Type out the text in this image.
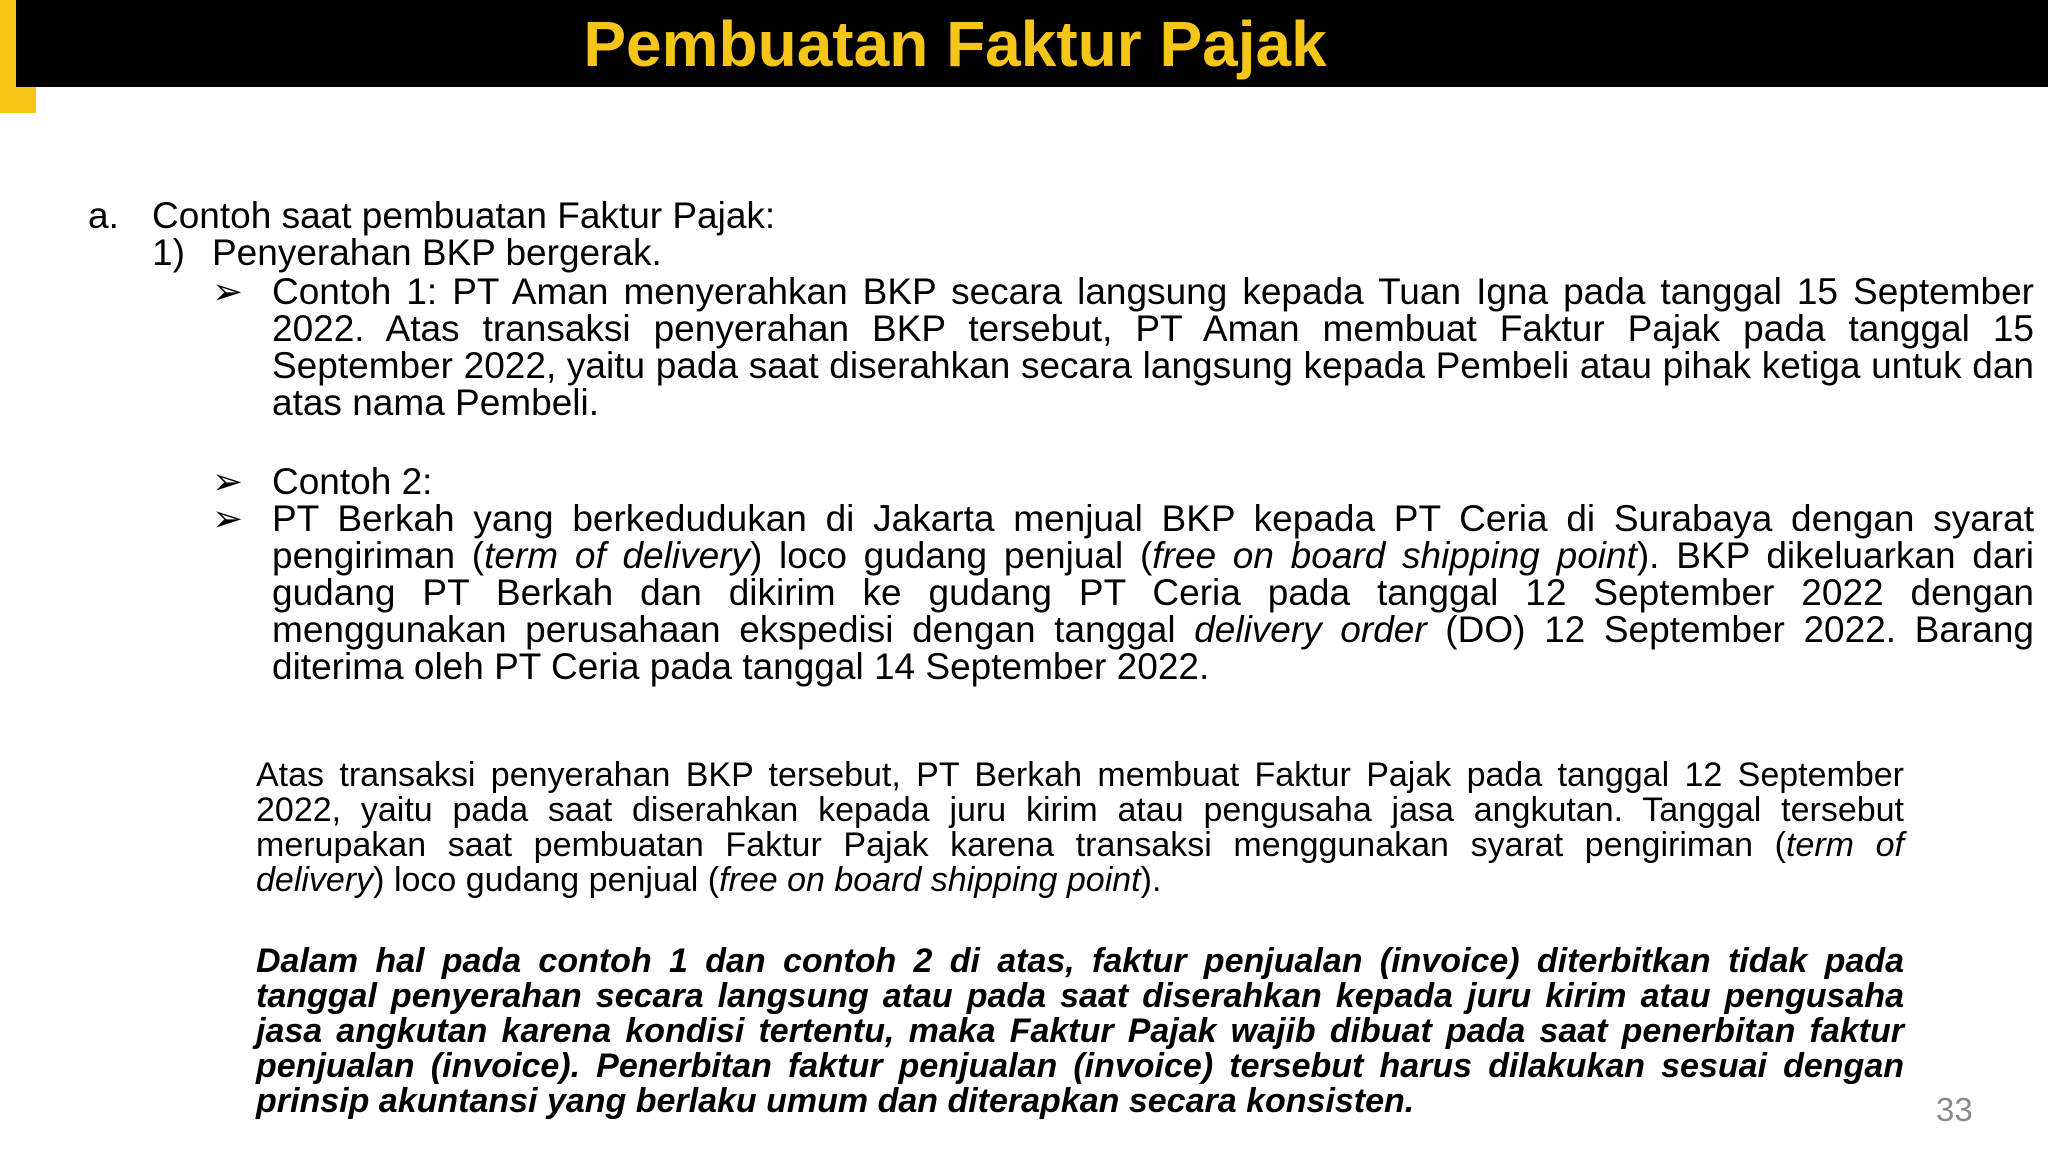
Pembuatan Faktur Pajak
a. Contoh saat pembuatan Faktur Pajak:
1) Penyerahan BKP bergerak.
➢ Contoh 1: PT Aman menyerahkan BKP secara langsung kepada Tuan Igna pada tanggal 15 September 2022. Atas transaksi penyerahan BKP tersebut, PT Aman membuat Faktur Pajak pada tanggal 15 September 2022, yaitu pada saat diserahkan secara langsung kepada Pembeli atau pihak ketiga untuk dan atas nama Pembeli.
➢ Contoh 2:
➢ PT Berkah yang berkedudukan di Jakarta menjual BKP kepada PT Ceria di Surabaya dengan syarat pengiriman (term of delivery) loco gudang penjual (free on board shipping point). BKP dikeluarkan dari gudang PT Berkah dan dikirim ke gudang PT Ceria pada tanggal 12 September 2022 dengan menggunakan perusahaan ekspedisi dengan tanggal delivery order (DO) 12 September 2022. Barang diterima oleh PT Ceria pada tanggal 14 September 2022.
Atas transaksi penyerahan BKP tersebut, PT Berkah membuat Faktur Pajak pada tanggal 12 September 2022, yaitu pada saat diserahkan kepada juru kirim atau pengusaha jasa angkutan. Tanggal tersebut merupakan saat pembuatan Faktur Pajak karena transaksi menggunakan syarat pengiriman (term of delivery) loco gudang penjual (free on board shipping point).
Dalam hal pada contoh 1 dan contoh 2 di atas, faktur penjualan (invoice) diterbitkan tidak pada tanggal penyerahan secara langsung atau pada saat diserahkan kepada juru kirim atau pengusaha jasa angkutan karena kondisi tertentu, maka Faktur Pajak wajib dibuat pada saat penerbitan faktur penjualan (invoice). Penerbitan faktur penjualan (invoice) tersebut harus dilakukan sesuai dengan prinsip akuntansi yang berlaku umum dan diterapkan secara konsisten.	33
